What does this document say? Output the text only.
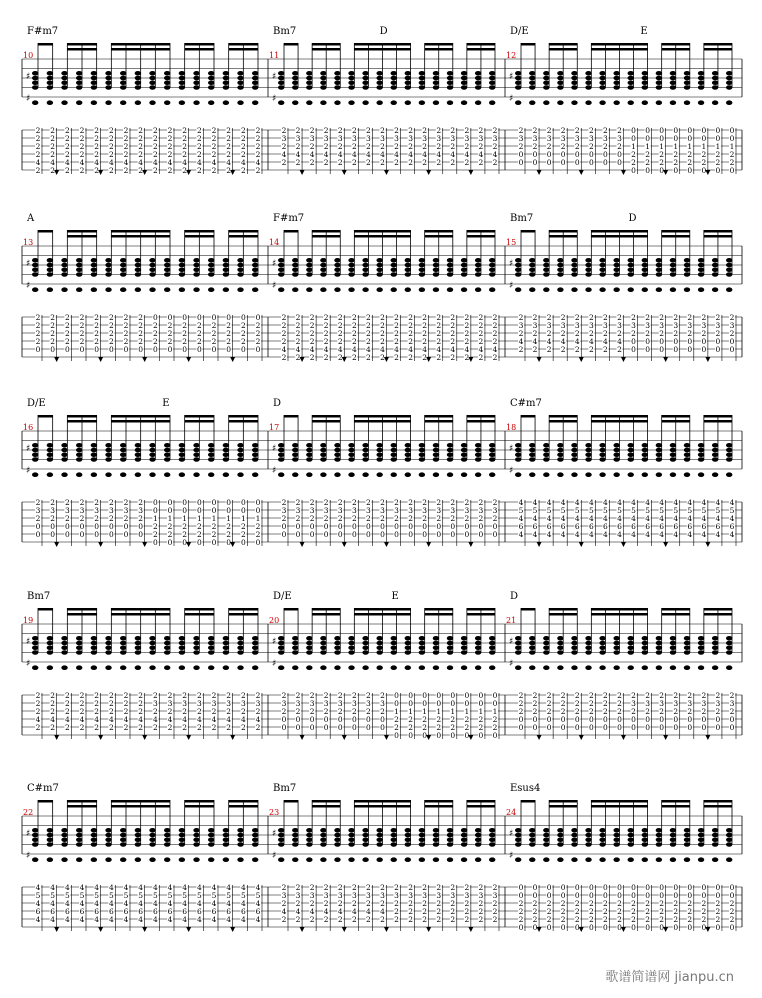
10
F#m7
♯
♯
2
2
2
2
4
2
2
2
2
2
4
2
2
2
2
2
4
2
2
2
2
2
4
2
2
2
2
2
4
2
2
2
2
2
4
2
2
2
2
2
4
2
2
2
2
2
4
2
2
2
2
2
4
2
2
2
2
2
4
2
2
2
2
2
4
2
2
2
2
2
4
2
2
2
2
2
4
2
2
2
2
2
4
2
2
2
2
2
4
2
2
2
2
2
4
2
11
Bm7	D
♯
♯
2
3
2
4
2
2
3
2
4
2
2
3
2
4
2
2
3
2
4
2
2
3
2
4
2
2
3
2
4
2
2
3
2
4
2
2
3
2
4
2
2
3
2
4
2
2
3
2
4
2
2
3
2
4
2
2
3
2
4
2
2
3
2
4
2
2
3
2
4
2
2
3
2
4
2
2
3
2
4
2
12
D/E	E
♯
♯
2
3
2
0
0
2
3
2
0
0
2
3
2
0
0
2
3
2
0
0
2
3
2
0
0
2
3
2
0
0
2
3
2
0
0
2
3
2
0
0
0
0
1
2
2
0
0
0
1
2
2
0
0
0
1
2
2
0
0
0
1
2
2
0
0
0
1
2
2
0
0
0
1
2
2
0
0
0
1
2
2
0
0
0
1
2
2
0
13
A
♯
♯
2
2
2
2
0
2
2
2
2
0
2
2
2
2
0
2
2
2
2
0
2
2
2
2
0
2
2
2
2
0
2
2
2
2
0
2
2
2
2
0
0
2
2
2
0
0
2
2
2
0
0
2
2
2
0
0
2
2
2
0
0
2
2
2
0
0
2
2
2
0
0
2
2
2
0
0
2
2
2
0
14
F#m7
♯
♯
2
2
2
2
4
2
2
2
2
2
4
2
2
2
2
2
4
2
2
2
2
2
4
2
2
2
2
2
4
2
2
2
2
2
4
2
2
2
2
2
4
2
2
2
2
2
4
2
2
2
2
2
4
2
2
2
2
2
4
2
2
2
2
2
4
2
2
2
2
2
4
2
2
2
2
2
4
2
2
2
2
2
4
2
2
2
2
2
4
2
2
2
2
2
4
2
15
Bm7	D
♯
♯
2
3
2
4
2
2
3
2
4
2
2
3
2
4
2
2
3
2
4
2
2
3
2
4
2
2
3
2
4
2
2
3
2
4
2
2
3
2
4
2
2
3
2
0
0
2
3
2
0
0
2
3
2
0
0
2
3
2
0
0
2
3
2
0
0
2
3
2
0
0
2
3
2
0
0
2
3
2
0
0
16
D/E	E
♯
♯
2
3
2
0
0
2
3
2
0
0
2
3
2
0
0
2
3
2
0
0
2
3
2
0
0
2
3
2
0
0
2
3
2
0
0
2
3
2
0
0
0
0
1
2
2
0
0
0
1
2
2
0
0
0
1
2
2
0
0
0
1
2
2
0
0
0
1
2
2
0
0
0
1
2
2
0
0
0
1
2
2
0
0
0
1
2
2
0
17
D
♯
♯
2
3
2
0
0
2
3
2
0
0
2
3
2
0
0
2
3
2
0
0
2
3
2
0
0
2
3
2
0
0
2
3
2
0
0
2
3
2
0
0
2
3
2
0
0
2
3
2
0
0
2
3
2
0
0
2
3
2
0
0
2
3
2
0
0
2
3
2
0
0
2
3
2
0
0
2
3
2
0
0
18
C#m7
♯
♯
4
5
4
6
4
4
5
4
6
4
4
5
4
6
4
4
5
4
6
4
4
5
4
6
4
4
5
4
6
4
4
5
4
6
4
4
5
4
6
4
4
5
4
6
4
4
5
4
6
4
4
5
4
6
4
4
5
4
6
4
4
5
4
6
4
4
5
4
6
4
4
5
4
6
4
4
5
4
6
4
19
Bm7
♯
♯
2
2
2
4
2
2
2
2
4
2
2
2
2
4
2
2
2
2
4
2
2
2
2
4
2
2
2
2
4
2
2
2
2
4
2
2
2
2
4
2
2
3
2
4
2
2
3
2
4
2
2
3
2
4
2
2
3
2
4
2
2
3
2
4
2
2
3
2
4
2
2
3
2
4
2
2
3
2
4
2
20
D/E	E
♯
♯
2
3
2
0
0
2
3
2
0
0
2
3
2
0
0
2
3
2
0
0
2
3
2
0
0
2
3
2
0
0
2
3
2
0
0
2
3
2
0
0
0
0
1
2
2
0
0
0
1
2
2
0
0
0
1
2
2
0
0
0
1
2
2
0
0
0
1
2
2
0
0
0
1
2
2
0
0
0
1
2
2
0
0
0
1
2
2
0
21
D
♯
♯
2
2
2
0
0
2
2
2
0
0
2
2
2
0
0
2
2
2
0
0
2
2
2
0
0
2
2
2
0
0
2
2
2
0
0
2
2
2
0
0
2
3
2
0
0
2
3
2
0
0
2
3
2
0
0
2
3
2
0
0
2
3
2
0
0
2
3
2
0
0
2
3
2
0
0
2
3
2
0
0
22
C#m7
♯
♯
4
5
4
6
4
4
5
4
6
4
4
5
4
6
4
4
5
4
6
4
4
5
4
6
4
4
5
4
6
4
4
5
4
6
4
4
5
4
6
4
4
5
4
6
4
4
5
4
6
4
4
5
4
6
4
4
5
4
6
4
4
5
4
6
4
4
5
4
6
4
4
5
4
6
4
4
5
4
6
4
23
Bm7
♯
♯
2
3
2
4
2
2
3
2
4
2
2
3
2
4
2
2
3
2
4
2
2
3
2
4
2
2
3
2
4
2
2
3
2
4
2
2
3
2
4
2
2
3
2
2
2
2
3
2
2
2
2
3
2
2
2
2
3
2
2
2
2
3
2
2
2
2
3
2
2
2
2
3
2
2
2
2
3
2
2
2
24
Esus4
♯
♯
0
0
2
2
2
0
0
0
2
2
2
0
0
0
2
2
2
0
0
0
2
2
2
0
0
0
2
2
2
0
0
0
2
2
2
0
0
0
2
2
2
0
0
0
2
2
2
0
0
0
2
2
2
0
0
0
2
2
2
0
0
0
2
2
2
0
0
0
2
2
2
0
0
0
2
2
2
0
0
0
2
2
2
0
0
0
2
2
2
0
0
0
2
2
2
0
歌谱简谱网 jianpu.cn
